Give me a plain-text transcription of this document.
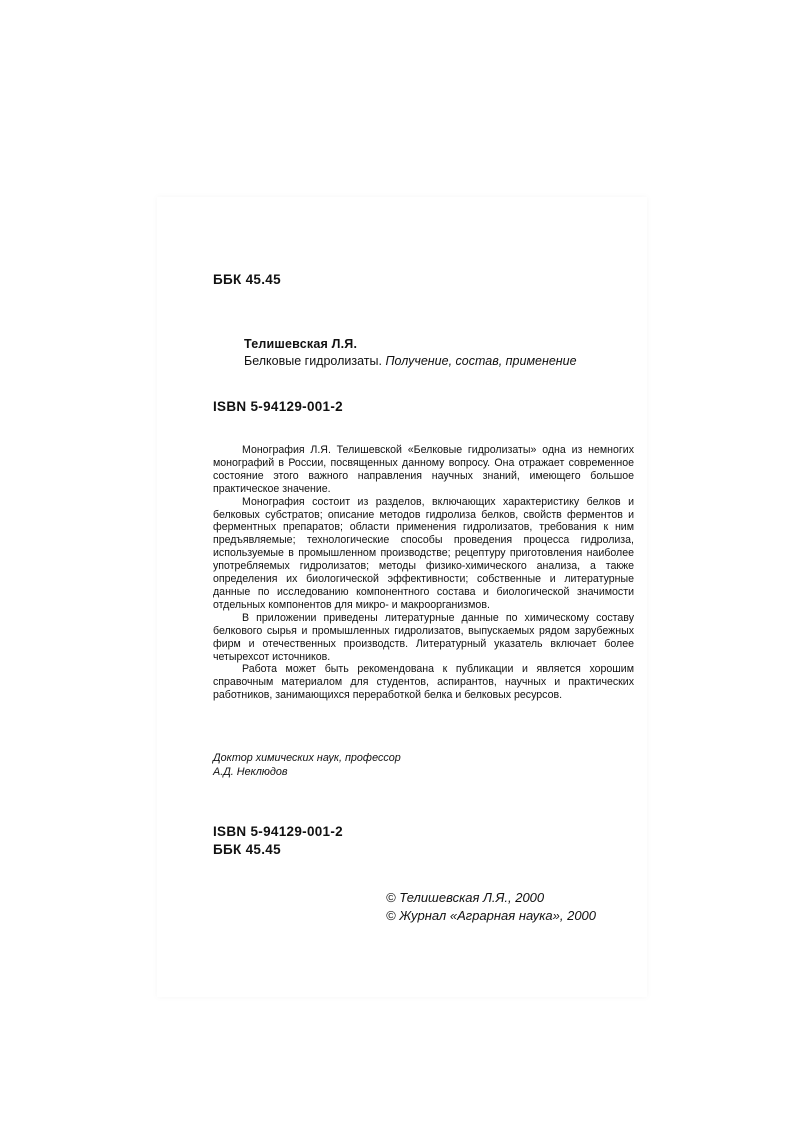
ББК 45.45
Телишевская Л.Я.
Белковые гидролизаты. Получение, состав, применение
ISBN 5-94129-001-2

Монография Л.Я. Телишевской «Белковые гидролизаты» одна из немногих монографий в России, посвященных данному вопросу. Она отражает современное состояние этого важного направления научных знаний, имеющего большое практическое значение.

Монография состоит из разделов, включающих характеристику белков и белковых субстратов; описание методов гидролиза белков, свойств ферментов и ферментных препаратов; области применения гидролизатов, требования к ним предъявляемые; технологические способы проведения процесса гидролиза, используемые в промышленном производстве; рецептуру приготовления наиболее употребляемых гидролизатов; методы физико-химического анализа, а также определения их биологической эффективности; собственные и литературные данные по исследованию компонентного состава и биологической значимости отдельных компонентов для микро- и макроорганизмов.

В приложении приведены литературные данные по химическому составу белкового сырья и промышленных гидролизатов, выпускаемых рядом зарубежных фирм и отечественных производств. Литературный указатель включает более четырехсот источников.

Работа может быть рекомендована к публикации и является хорошим справочным материалом для студентов, аспирантов, научных и практических работников, занимающихся переработкой белка и белковых ресурсов.

Доктор химических наук, профессор
А.Д. Неклюдов
ISBN 5-94129-001-2
ББК 45.45
© Телишевская Л.Я., 2000
© Журнал «Аграрная наука», 2000
